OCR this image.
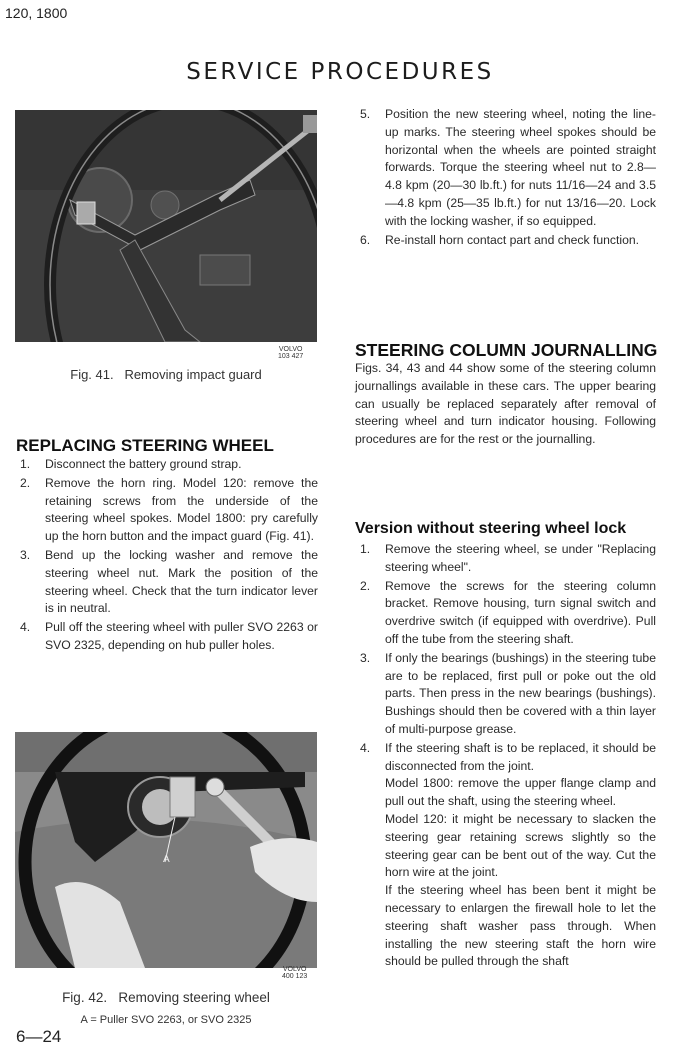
120, 1800
SERVICE PROCEDURES
VOLVO
103 427
Fig. 41.   Removing impact guard
REPLACING STEERING WHEEL
1. Disconnect the battery ground strap.
2. Remove the horn ring. Model 120: remove the retaining screws from the underside of the steering wheel spokes. Model 1800: pry carefully up the horn button and the impact guard (Fig. 41).
3. Bend up the locking washer and remove the steering wheel nut. Mark the position of the steering wheel. Check that the turn indicator lever is in neutral.
4. Pull off the steering wheel with puller SVO 2263 or SVO 2325, depending on hub puller holes.
5. Position the new steering wheel, noting the line-up marks. The steering wheel spokes should be horizontal when the wheels are pointed straight forwards. Torque the steering wheel nut to 2.8—4.8 kpm (20—30 lb.ft.) for nuts 11/16—24 and 3.5—4.8 kpm (25—35 lb.ft.) for nut 13/16—20. Lock with the locking washer, if so equipped.
6. Re-install horn contact part and check function.
A
VOLVO
400 123
Fig. 42.   Removing steering wheel
A = Puller SVO 2263, or SVO 2325
6—24
STEERING COLUMN JOURNALLING
Figs. 34, 43 and 44 show some of the steering column journallings available in these cars. The upper bearing can usually be replaced separately after removal of steering wheel and turn indicator housing. Following procedures are for the rest or the journalling.
Version without steering wheel lock
1. Remove the steering wheel, se under "Replacing steering wheel".
2. Remove the screws for the steering column bracket. Remove housing, turn signal switch and overdrive switch (if equipped with overdrive). Pull off the tube from the steering shaft.
3. If only the bearings (bushings) in the steering tube are to be replaced, first pull or poke out the old parts. Then press in the new bearings (bushings). Bushings should then be covered with a thin layer of multi-purpose grease.
4. If the steering shaft is to be replaced, it should be disconnected from the joint.
Model 1800: remove the upper flange clamp and pull out the shaft, using the steering wheel.
Model 120: it might be necessary to slacken the steering gear retaining screws slightly so the steering gear can be bent out of the way. Cut the horn wire at the joint.
If the steering wheel has been bent it might be necessary to enlargen the firewall hole to let the steering shaft washer pass through. When installing the new steering staft the horn wire should be pulled through the shaft
